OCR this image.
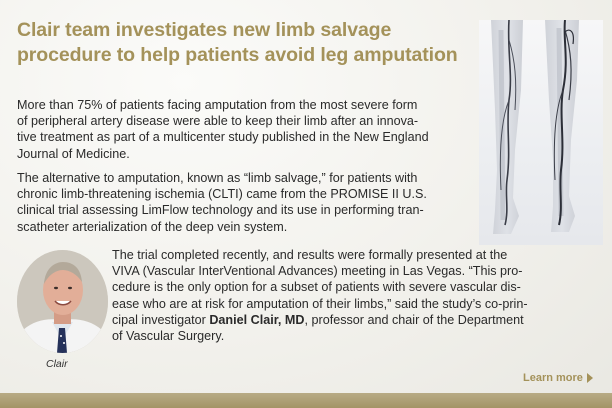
Clair team investigates new limb salvage
procedure to help patients avoid leg amputation
More than 75% of patients facing amputation from the most severe form
of peripheral artery disease were able to keep their limb after an innova-
tive treatment as part of a multicenter study published in the New England
Journal of Medicine.
The alternative to amputation, known as “limb salvage,” for patients with
chronic limb-threatening ischemia (CLTI) came from the PROMISE II U.S.
clinical trial assessing LimFlow technology and its use in performing tran-
scatheter arterialization of the deep vein system.
Clair
The trial completed recently, and results were formally presented at the
VIVA (Vascular InterVentional Advances) meeting in Las Vegas. “This pro-
cedure is the only option for a subset of patients with severe vascular dis-
ease who are at risk for amputation of their limbs,” said the study’s co-prin-
cipal investigator Daniel Clair, MD, professor and chair of the Department
of Vascular Surgery.
Learn more
